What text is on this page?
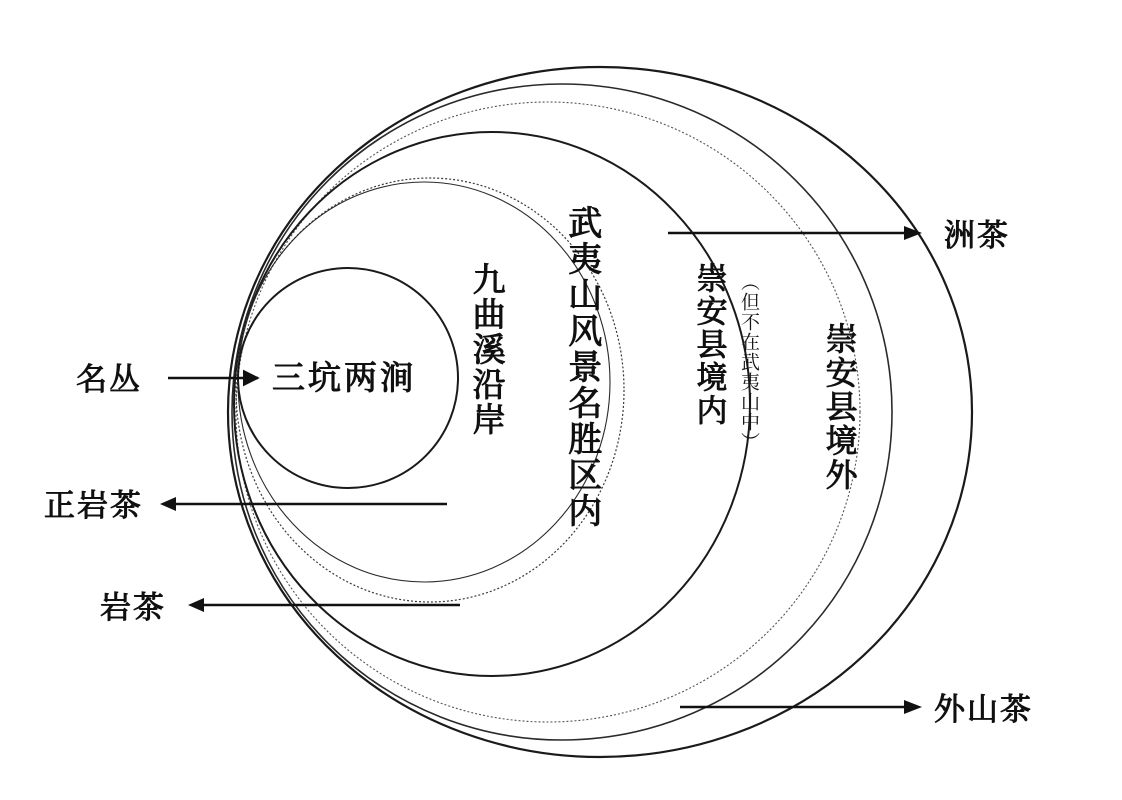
三坑两涧 九曲溪沿岸 武夷山风景名胜区内	崇安县境内 （但不在武夷山中） 崇安县境外
名丛
正岩茶
岩茶
洲茶
外山茶
